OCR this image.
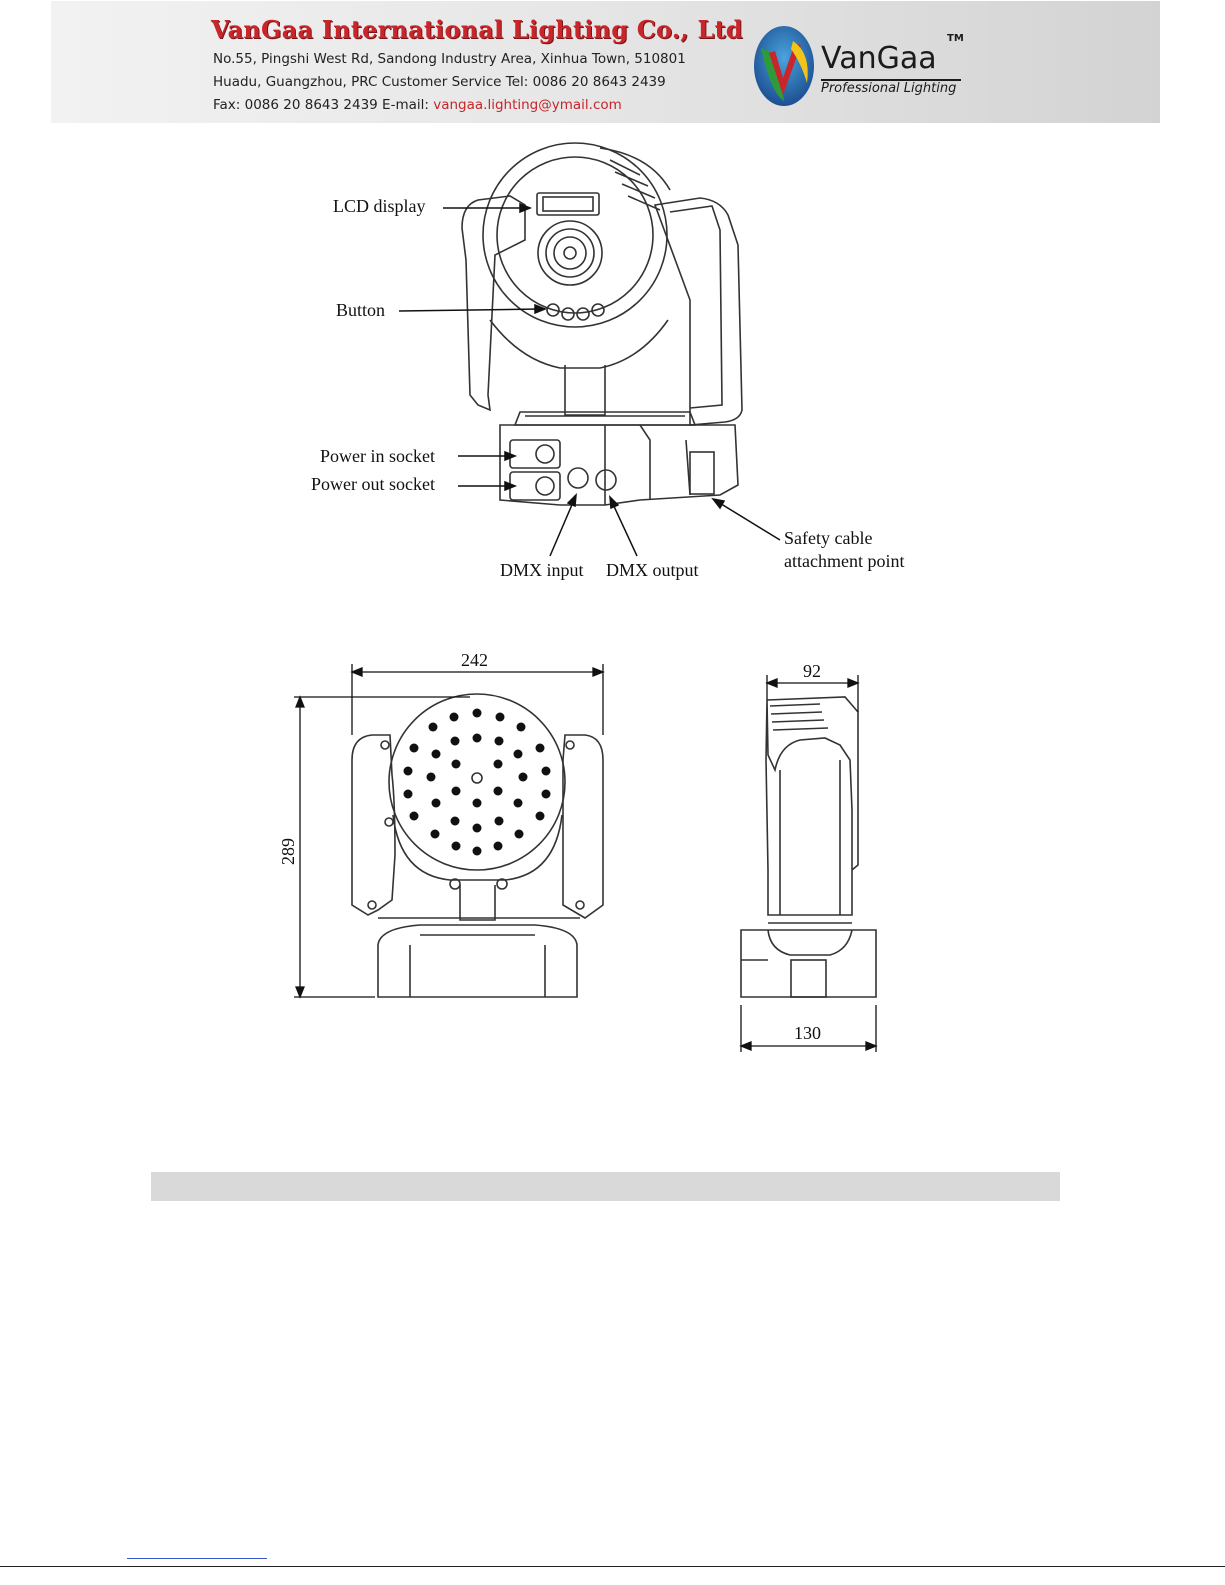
VanGaa International Lighting Co., Ltd
No.55, Pingshi West Rd, Sandong Industry Area, Xinhua Town, 510801
Huadu, Guangzhou, PRC Customer Service Tel: 0086 20 8643 2439
Fax: 0086 20 8643 2439 E-mail: vangaa.lighting@ymail.com
VanGaa
Professional Lighting
TM
LCD display
Button
Power in socket
Power out socket
DMX input DMX output
Safety cable
attachment point
242
289
92
130
